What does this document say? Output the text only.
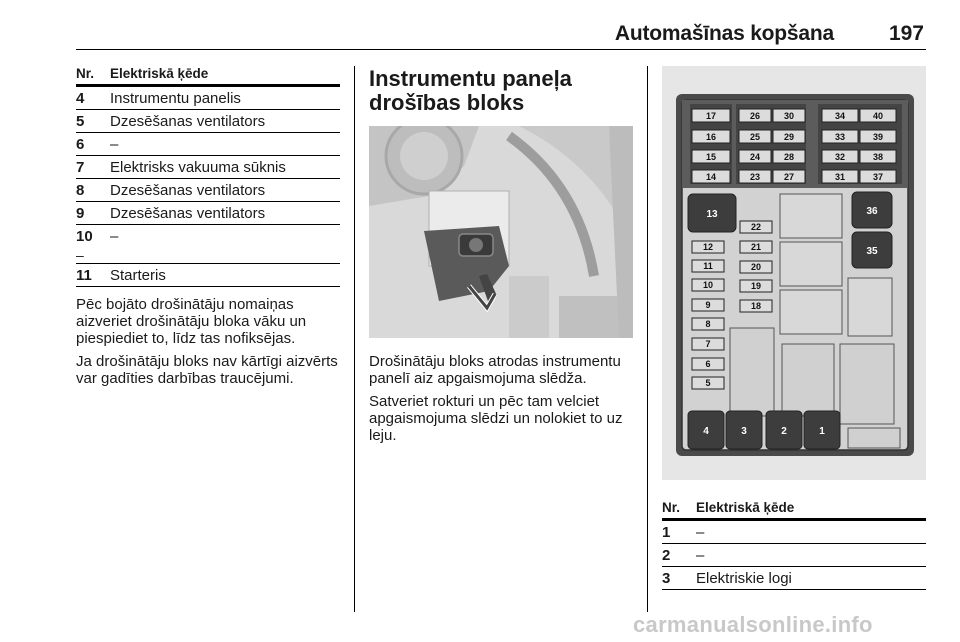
Automašīnas kopšana	197
Nr.	Elektriskā ķēde
4	Instrumentu panelis
5	Dzesēšanas ventilators
6	–
7	Elektrisks vakuuma sūknis
8	Dzesēšanas ventilators
9	Dzesēšanas ventilators
10	–
–
11	Starteris

Pēc bojāto drošinātāju nomaiņas aizveriet drošinātāju bloka vāku un piespiediet to, līdz tas nofiksējas.

Ja drošinātāju bloks nav kārtīgi aizvērts var gadīties darbības traucējumi.

Instrumentu paneļa
drošības bloks

Drošinātāju bloks atrodas instrumentu panelī aiz apgaismojuma slēdža.

Satveriet rokturi un pēc tam velciet apgaismojuma slēdzi un nolokiet to uz leju.

17
16
15
14
26
25
24
23
30
29
28
27
34
33
32
31
40
39
38
37
13	36
35
12
11
10
9
8
7
6
5
22
21
20
19
18
4	3	2	1
Nr.	Elektriskā ķēde
1	–
2	–
3	Elektriskie logi
carmanualsonline.info
